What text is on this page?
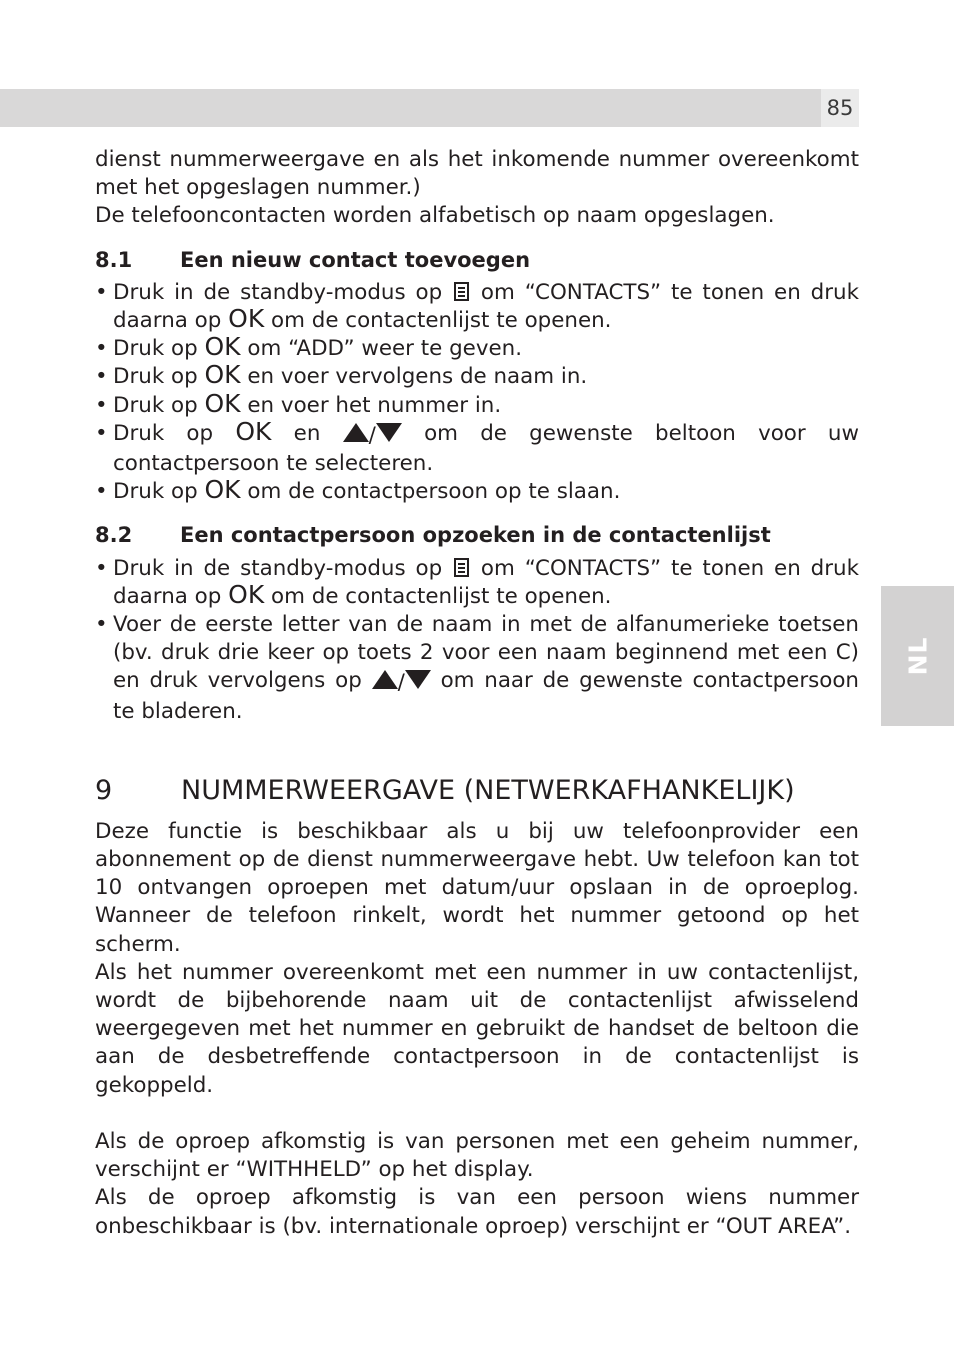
85
NL

dienst nummerweergave en als het inkomende nummer overeenkomt met het opgeslagen nummer.)

De telefooncontacten worden alfabetisch op naam opgeslagen.

8.1 Een nieuw contact toevoegen
• Druk in de standby-modus op om “CONTACTS” te tonen en druk daarna op OK om de contactenlijst te openen.
• Druk op OK om “ADD” weer te geven.
• Druk op OK en voer vervolgens de naam in.
• Druk op OK en voer het nummer in.
• Druk op OK en / om de gewenste beltoon voor uw contactpersoon te selecteren.
• Druk op OK om de contactpersoon op te slaan.
8.2 Een contactpersoon opzoeken in de contactenlijst
• Druk in de standby-modus op om “CONTACTS” te tonen en druk daarna op OK om de contactenlijst te openen.
• Voer de eerste letter van de naam in met de alfanumerieke toetsen (bv. druk drie keer op toets 2 voor een naam beginnend met een C) en druk vervolgens op / om naar de gewenste contactpersoon te bladeren.
9	NUMMERWEERGAVE (NETWERKAFHANKELIJK)

Deze functie is beschikbaar als u bij uw telefoonprovider een abonnement op de dienst nummerweergave hebt. Uw telefoon kan tot 10 ontvangen oproepen met datum/uur opslaan in de oproeplog. Wanneer de telefoon rinkelt, wordt het nummer getoond op het scherm.

Als het nummer overeenkomt met een nummer in uw contactenlijst, wordt de bijbehorende naam uit de contactenlijst afwisselend weergegeven met het nummer en gebruikt de handset de beltoon die aan de desbetreffende contactpersoon in de contactenlijst is gekoppeld.

Als de oproep afkomstig is van personen met een geheim nummer, verschijnt er “WITHHELD” op het display.

Als de oproep afkomstig is van een persoon wiens nummer onbeschikbaar is (bv. internationale oproep) verschijnt er “OUT AREA”.
